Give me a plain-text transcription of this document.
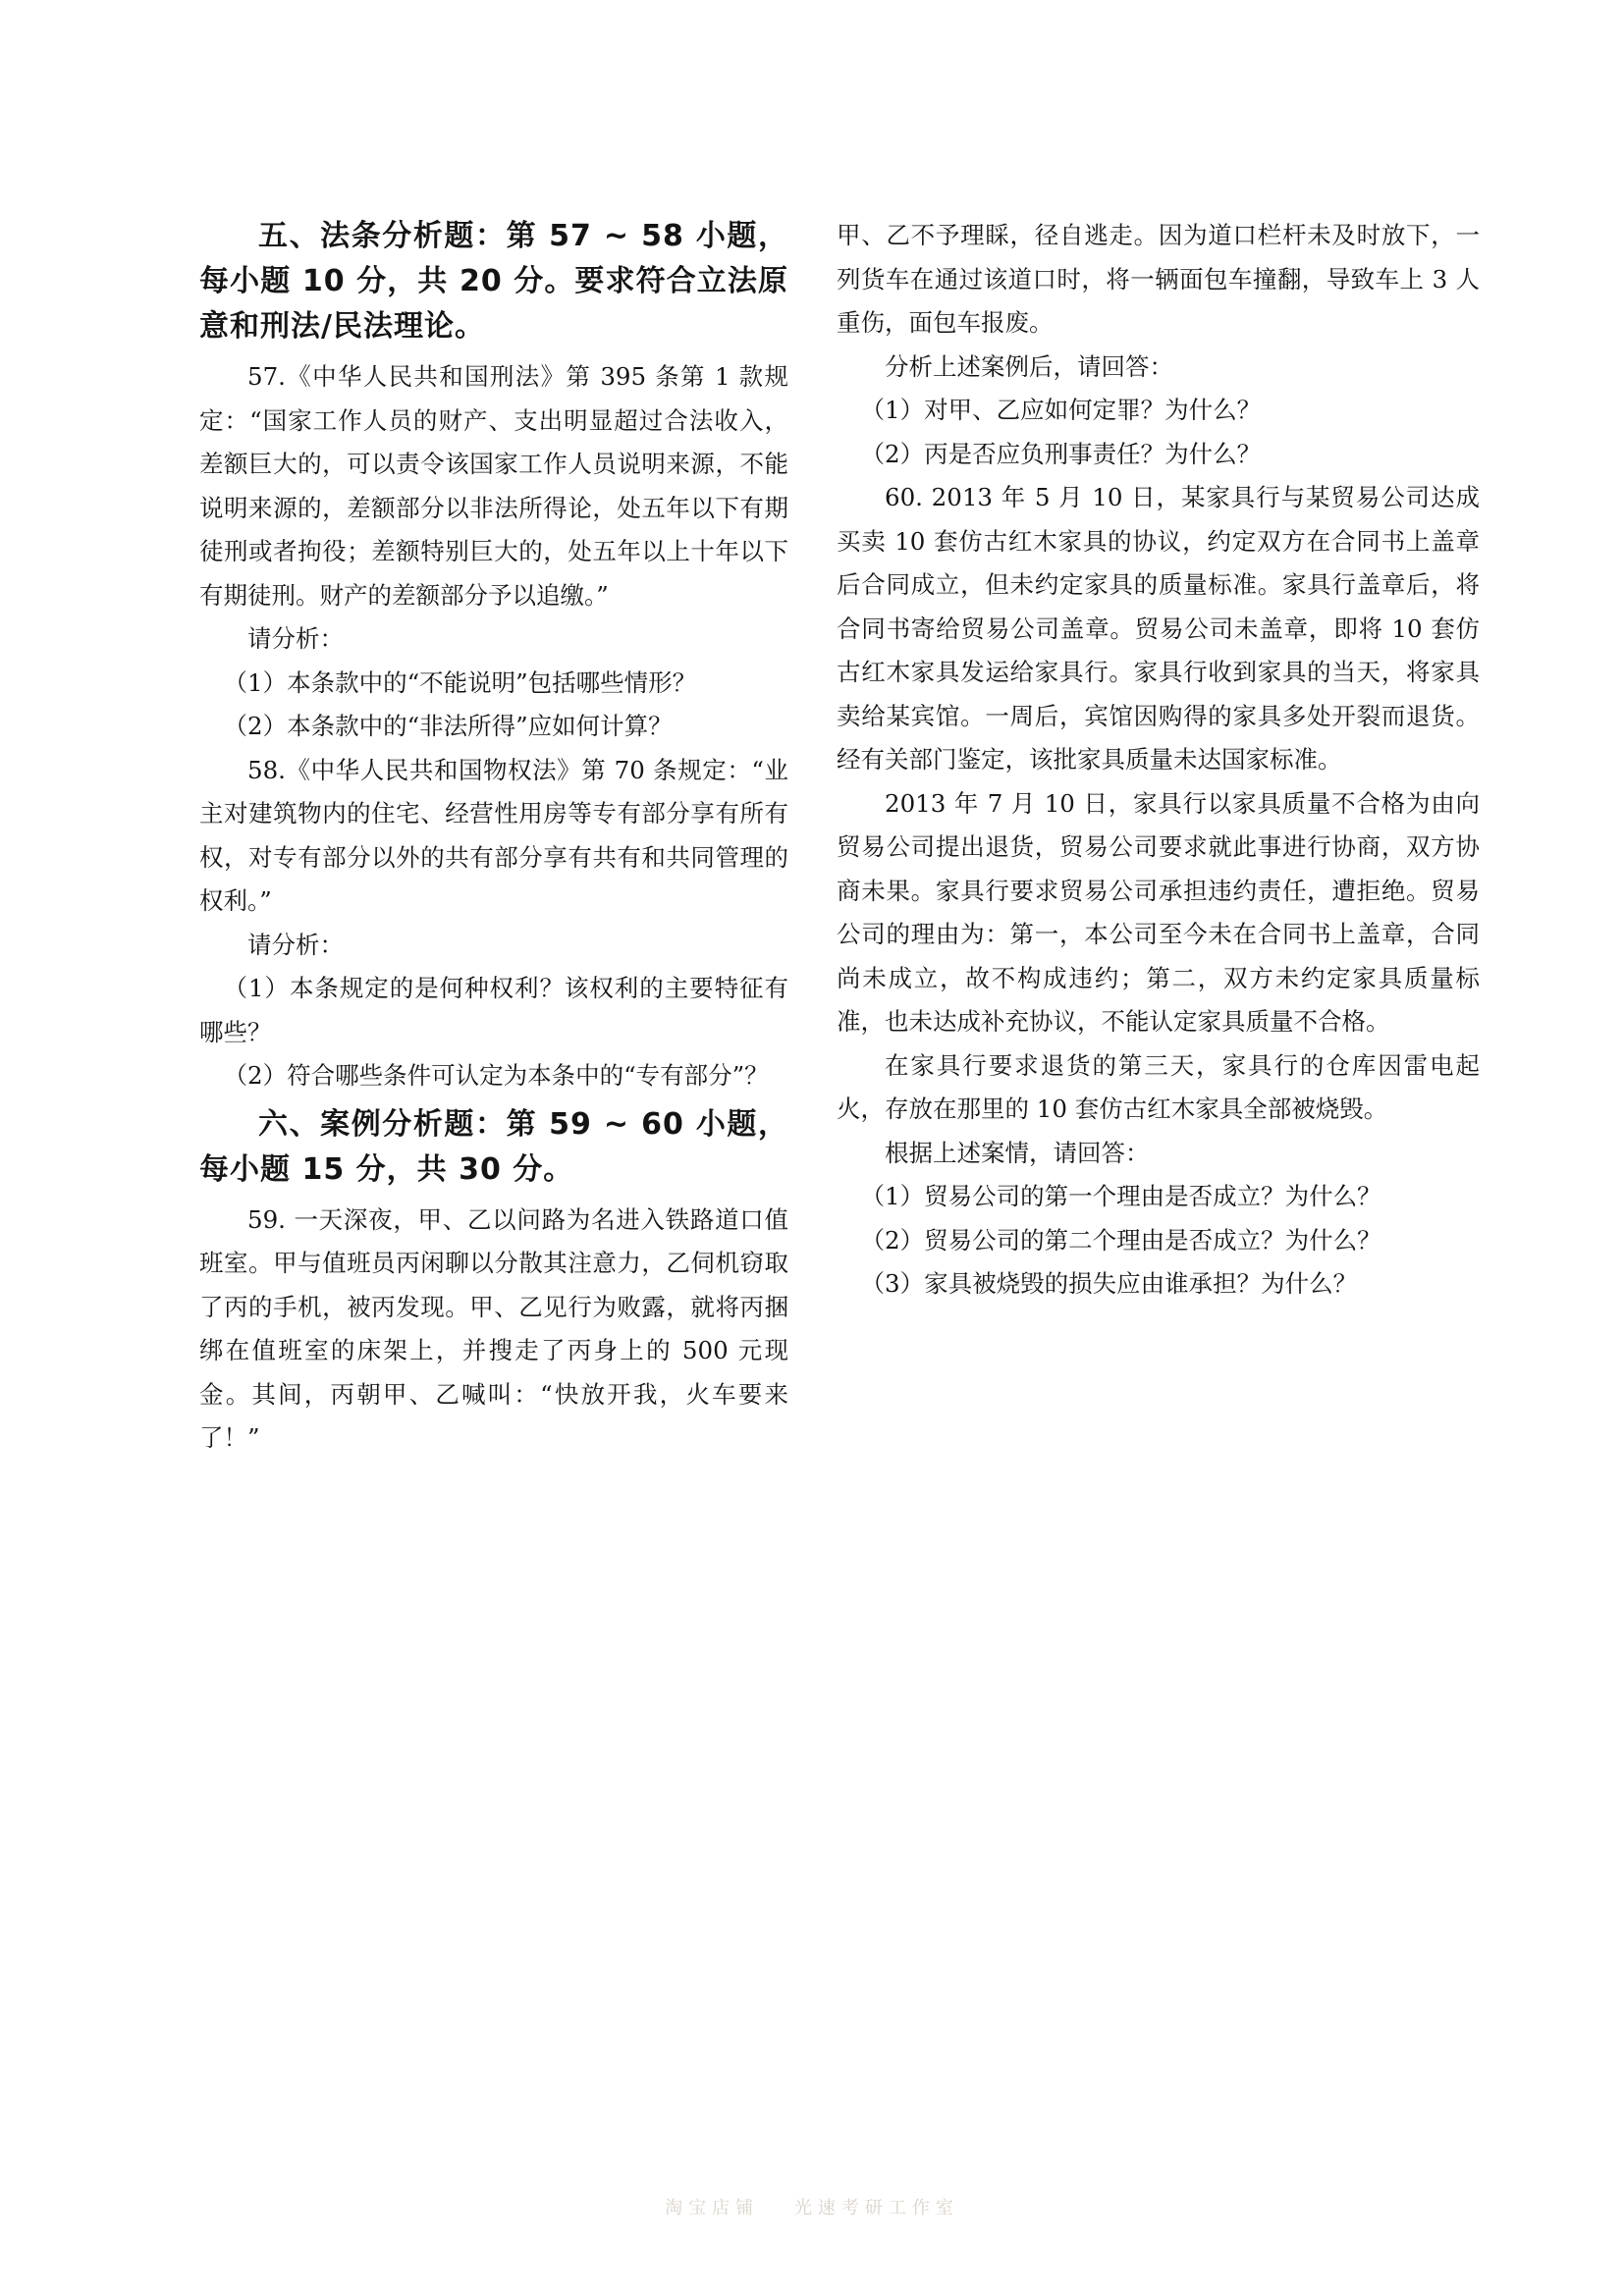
五、法条分析题：第 57 ~ 58 小题，每小题 10 分，共 20 分。要求符合立法原意和刑法/民法理论。

57.《中华人民共和国刑法》第 395 条第 1 款规定：“国家工作人员的财产、支出明显超过合法收入，差额巨大的，可以责令该国家工作人员说明来源，不能说明来源的，差额部分以非法所得论，处五年以下有期徒刑或者拘役；差额特别巨大的，处五年以上十年以下有期徒刑。财产的差额部分予以追缴。”

请分析：

（1）本条款中的“不能说明”包括哪些情形？

（2）本条款中的“非法所得”应如何计算？

58.《中华人民共和国物权法》第 70 条规定：“业主对建筑物内的住宅、经营性用房等专有部分享有所有权，对专有部分以外的共有部分享有共有和共同管理的权利。”

请分析：

（1）本条规定的是何种权利？该权利的主要特征有哪些？

（2）符合哪些条件可认定为本条中的“专有部分”？

六、案例分析题：第 59 ~ 60 小题，每小题 15 分，共 30 分。

59. 一天深夜，甲、乙以问路为名进入铁路道口值班室。甲与值班员丙闲聊以分散其注意力，乙伺机窃取了丙的手机，被丙发现。甲、乙见行为败露，就将丙捆绑在值班室的床架上，并搜走了丙身上的 500 元现金。其间，丙朝甲、乙喊叫：“快放开我，火车要来了！”

甲、乙不予理睬，径自逃走。因为道口栏杆未及时放下，一列货车在通过该道口时，将一辆面包车撞翻，导致车上 3 人重伤，面包车报废。

分析上述案例后，请回答：

（1）对甲、乙应如何定罪？为什么？

（2）丙是否应负刑事责任？为什么？

60. 2013 年 5 月 10 日，某家具行与某贸易公司达成买卖 10 套仿古红木家具的协议，约定双方在合同书上盖章后合同成立，但未约定家具的质量标准。家具行盖章后，将合同书寄给贸易公司盖章。贸易公司未盖章，即将 10 套仿古红木家具发运给家具行。家具行收到家具的当天，将家具卖给某宾馆。一周后，宾馆因购得的家具多处开裂而退货。经有关部门鉴定，该批家具质量未达国家标准。

2013 年 7 月 10 日，家具行以家具质量不合格为由向贸易公司提出退货，贸易公司要求就此事进行协商，双方协商未果。家具行要求贸易公司承担违约责任，遭拒绝。贸易公司的理由为：第一，本公司至今未在合同书上盖章，合同尚未成立，故不构成违约；第二，双方未约定家具质量标准，也未达成补充协议，不能认定家具质量不合格。

在家具行要求退货的第三天，家具行的仓库因雷电起火，存放在那里的 10 套仿古红木家具全部被烧毁。

根据上述案情，请回答：

（1）贸易公司的第一个理由是否成立？为什么？

（2）贸易公司的第二个理由是否成立？为什么？

（3）家具被烧毁的损失应由谁承担？为什么？

淘宝店铺 　光速考研工作室
